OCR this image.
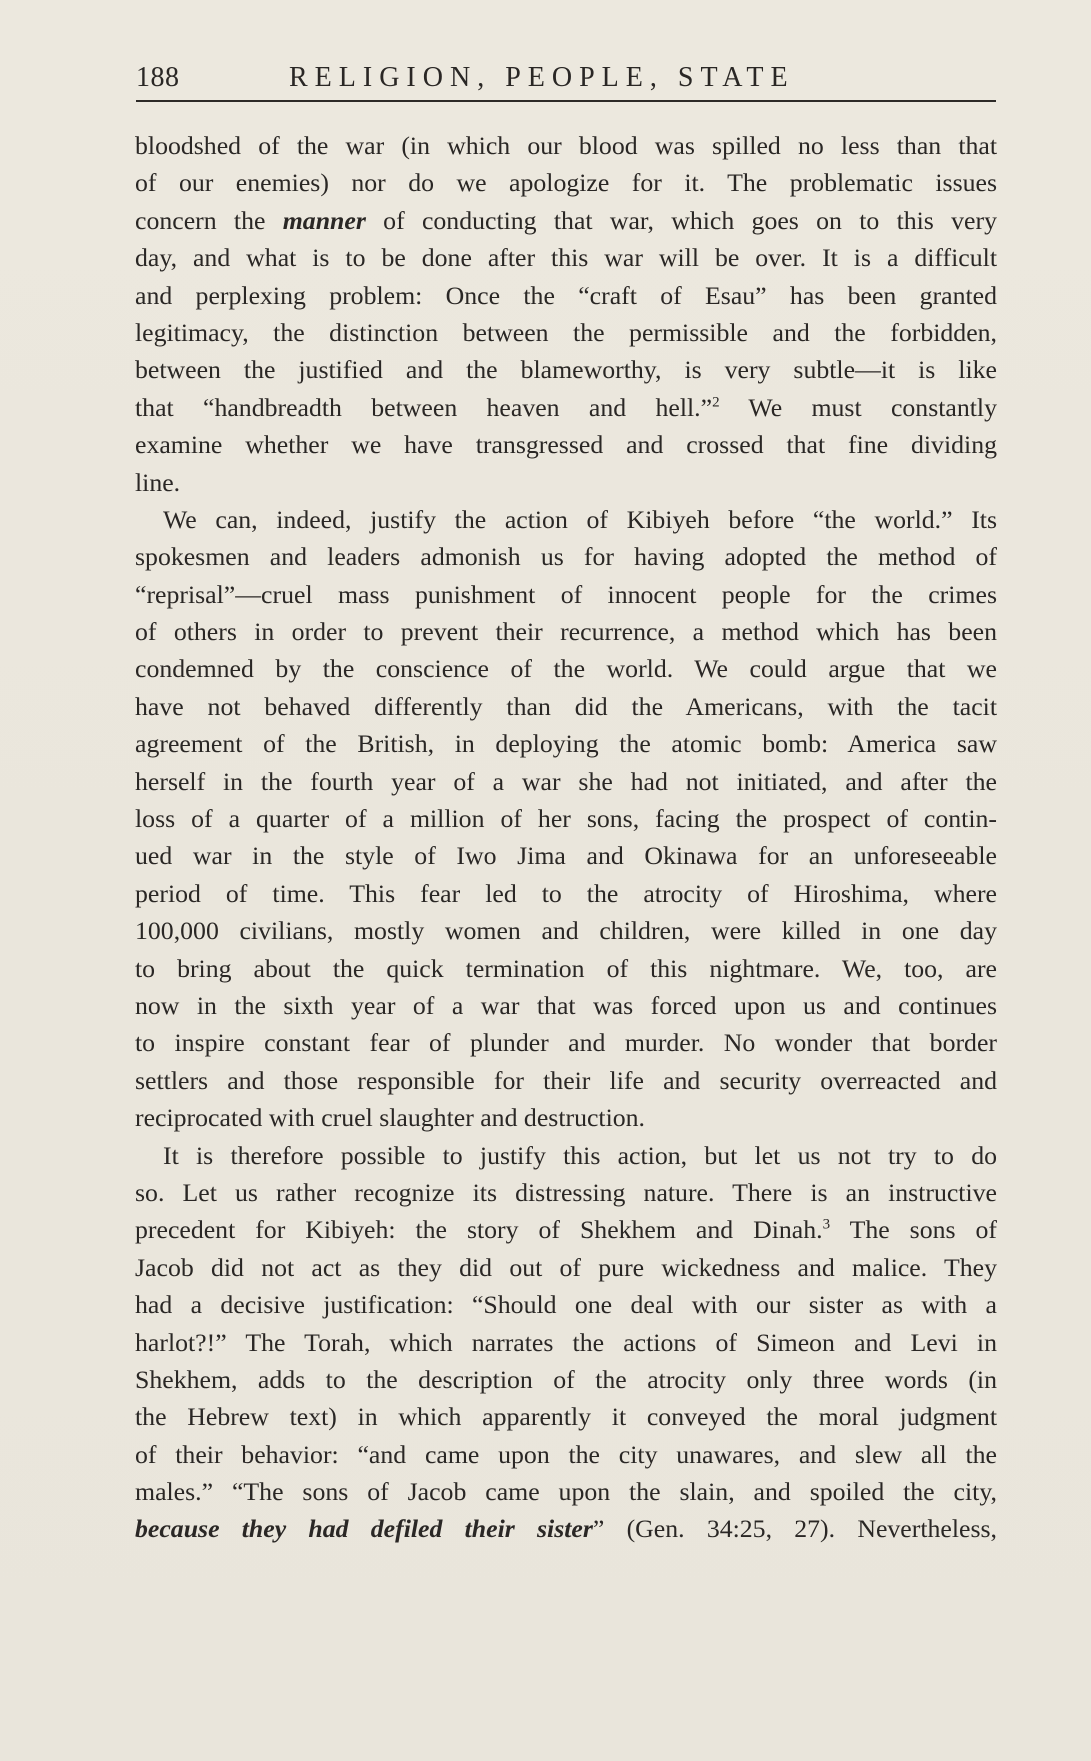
188	RELIGION, PEOPLE, STATE
bloodshed of the war (in which our blood was spilled no less than that
of our enemies) nor do we apologize for it. The problematic issues
concern the manner of conducting that war, which goes on to this very
day, and what is to be done after this war will be over. It is a difficult
and perplexing problem: Once the “craft of Esau” has been granted
legitimacy, the distinction between the permissible and the forbidden,
between the justified and the blameworthy, is very subtle—it is like
that “handbreadth between heaven and hell.”$^2$ We must constantly
examine whether we have transgressed and crossed that fine dividing
line.
We can, indeed, justify the action of Kibiyeh before “the world.” Its
spokesmen and leaders admonish us for having adopted the method of
“reprisal”—cruel mass punishment of innocent people for the crimes
of others in order to prevent their recurrence, a method which has been
condemned by the conscience of the world. We could argue that we
have not behaved differently than did the Americans, with the tacit
agreement of the British, in deploying the atomic bomb: America saw
herself in the fourth year of a war she had not initiated, and after the
loss of a quarter of a million of her sons, facing the prospect of contin-
ued war in the style of Iwo Jima and Okinawa for an unforeseeable
period of time. This fear led to the atrocity of Hiroshima, where
100,000 civilians, mostly women and children, were killed in one day
to bring about the quick termination of this nightmare. We, too, are
now in the sixth year of a war that was forced upon us and continues
to inspire constant fear of plunder and murder. No wonder that border
settlers and those responsible for their life and security overreacted and
reciprocated with cruel slaughter and destruction.
It is therefore possible to justify this action, but let us not try to do
so. Let us rather recognize its distressing nature. There is an instructive
precedent for Kibiyeh: the story of Shekhem and Dinah.$^3$ The sons of
Jacob did not act as they did out of pure wickedness and malice. They
had a decisive justification: “Should one deal with our sister as with a
harlot?!” The Torah, which narrates the actions of Simeon and Levi in
Shekhem, adds to the description of the atrocity only three words (in
the Hebrew text) in which apparently it conveyed the moral judgment
of their behavior: “and came upon the city unawares, and slew all the
males.” “The sons of Jacob came upon the slain, and spoiled the city,
because they had defiled their sister” (Gen. 34:25, 27). Nevertheless,
